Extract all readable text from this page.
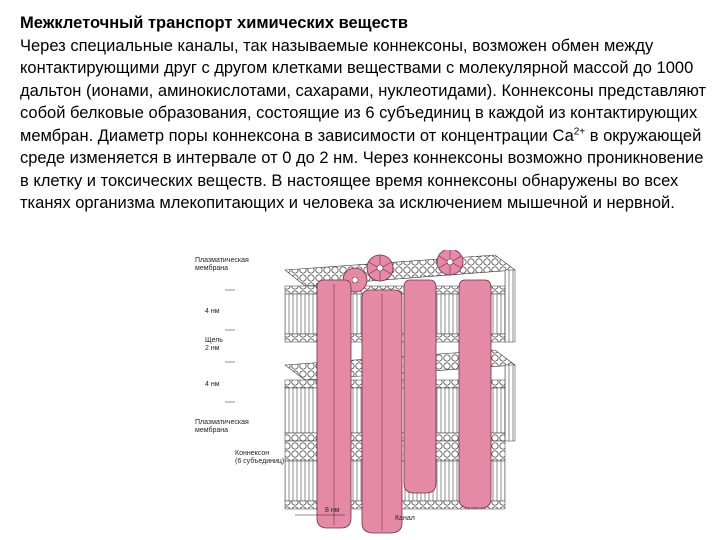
Межклеточный транспорт химических веществ
Через специальные каналы, так называемые коннексоны, возможен обмен между контактирующими друг с другом клетками веществами с молекулярной массой до 1000 дальтон (ионами, аминокислотами, сахарами, нуклеотидами). Коннексоны представляют собой белковые образования, состоящие из 6 субъединиц в каждой из контактирующих мембран. Диаметр поры коннексона в зависимости от концентрации $Са^{2+}$ в окружающей среде изменяется в интервале от 0 до 2 нм. Через коннексоны возможно проникновение в клетку и токсических веществ. В настоящее время коннексоны обнаружены во всех тканях организма млекопитающих и человека за исключением мышечной и нервной.
Плазматическая
мембрана
4 нм
Щель
2 нм
4 нм
Плазматическая
мембрана
Коннексон
(6 субъединиц)
8 нм
Канал
